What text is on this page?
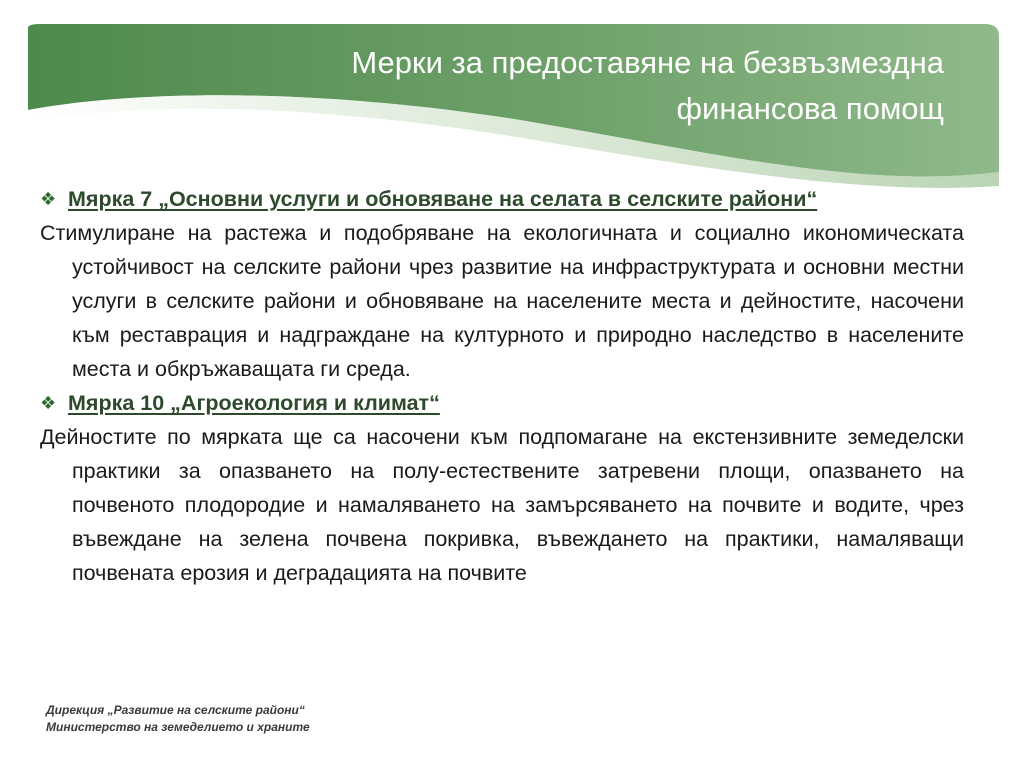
Мерки за предоставяне на безвъзмездна
финансова помощ

❖ Мярка 7 „Основни услуги и обновяване на селата в селските райони“

Стимулиране на растежа и подобряване на екологичната и социално икономическата устойчивост на селските райони чрез развитие на инфраструктурата и основни местни услуги в селските райони и обновяване на населените места и дейностите, насочени към реставрация и надграждане на културното и природно наследство в населените места и обкръжаващата ги среда.

❖ Мярка 10 „Агроекология и климат“

Дейностите по мярката ще са насочени към подпомагане на екстензивните земеделски практики за опазването на полу-естествените затревени площи, опазването на почвеното плодородие и намаляването на замърсяването на почвите и водите, чрез въвеждане на зелена почвена покривка, въвеждането на практики, намаляващи почвената ерозия и деградацията на почвите

Дирекция „Развитие на селските райони“
Министерство на земеделието и храните
